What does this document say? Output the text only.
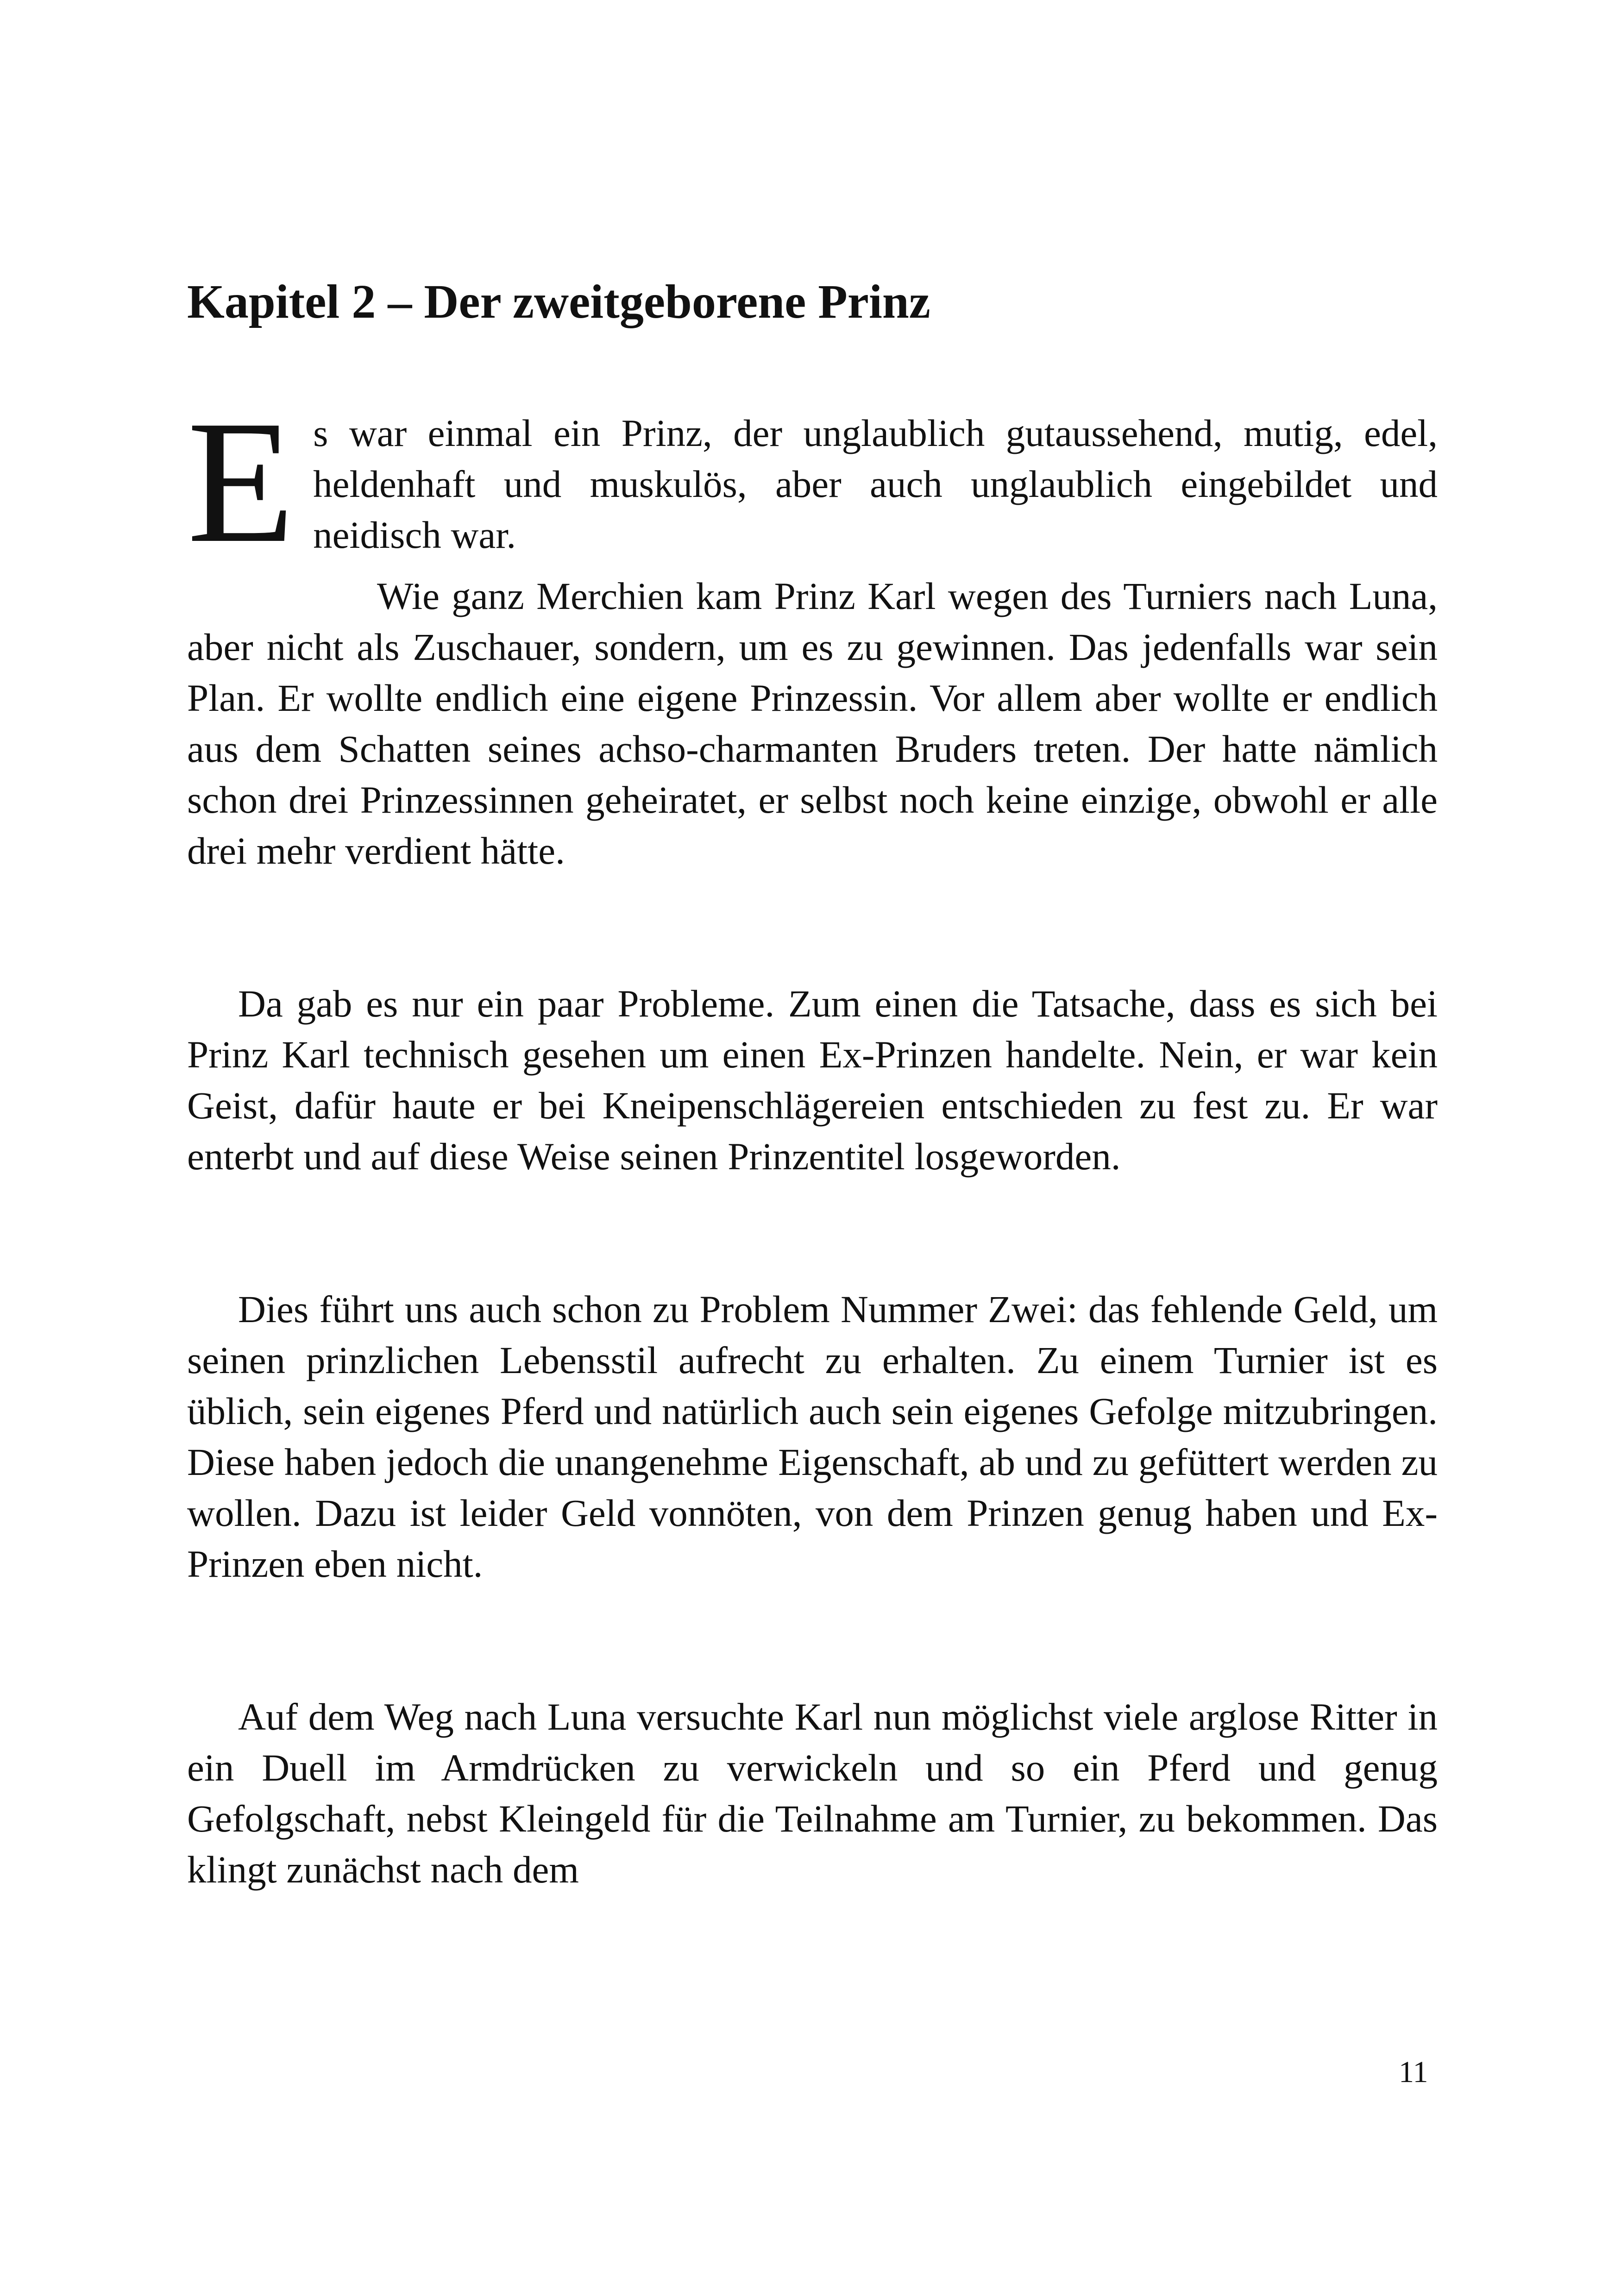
Kapitel 2 – Der zweitgeborene Prinz

Es war einmal ein Prinz, der unglaublich gutaussehend, mutig, edel, heldenhaft und muskulös, aber auch unglaublich eingebildet und neidisch war.

Wie ganz Merchien kam Prinz Karl wegen des Turniers nach Luna, aber nicht als Zuschauer, sondern, um es zu gewinnen. Das jedenfalls war sein Plan. Er wollte endlich eine eigene Prinzessin. Vor allem aber wollte er endlich aus dem Schatten seines achso-charmanten Bruders treten. Der hatte nämlich schon drei Prinzessinnen geheiratet, er selbst noch keine einzige, obwohl er alle drei mehr verdient hätte.

Da gab es nur ein paar Probleme. Zum einen die Tatsache, dass es sich bei Prinz Karl technisch gesehen um einen Ex-Prinzen handelte. Nein, er war kein Geist, dafür haute er bei Kneipenschlägereien entschieden zu fest zu. Er war enterbt und auf diese Weise seinen Prinzentitel losgeworden.

Dies führt uns auch schon zu Problem Nummer Zwei: das fehlende Geld, um seinen prinzlichen Lebensstil aufrecht zu erhalten. Zu einem Turnier ist es üblich, sein eigenes Pferd und natürlich auch sein eigenes Gefolge mitzubringen. Diese haben jedoch die unangenehme Eigenschaft, ab und zu gefüttert werden zu wollen. Dazu ist leider Geld vonnöten, von dem Prinzen genug haben und Ex-Prinzen eben nicht.

Auf dem Weg nach Luna versuchte Karl nun möglichst viele arglose Ritter in ein Duell im Armdrücken zu verwickeln und so ein Pferd und genug Gefolgschaft, nebst Kleingeld für die Teilnahme am Turnier, zu bekommen. Das klingt zunächst nach dem

11
